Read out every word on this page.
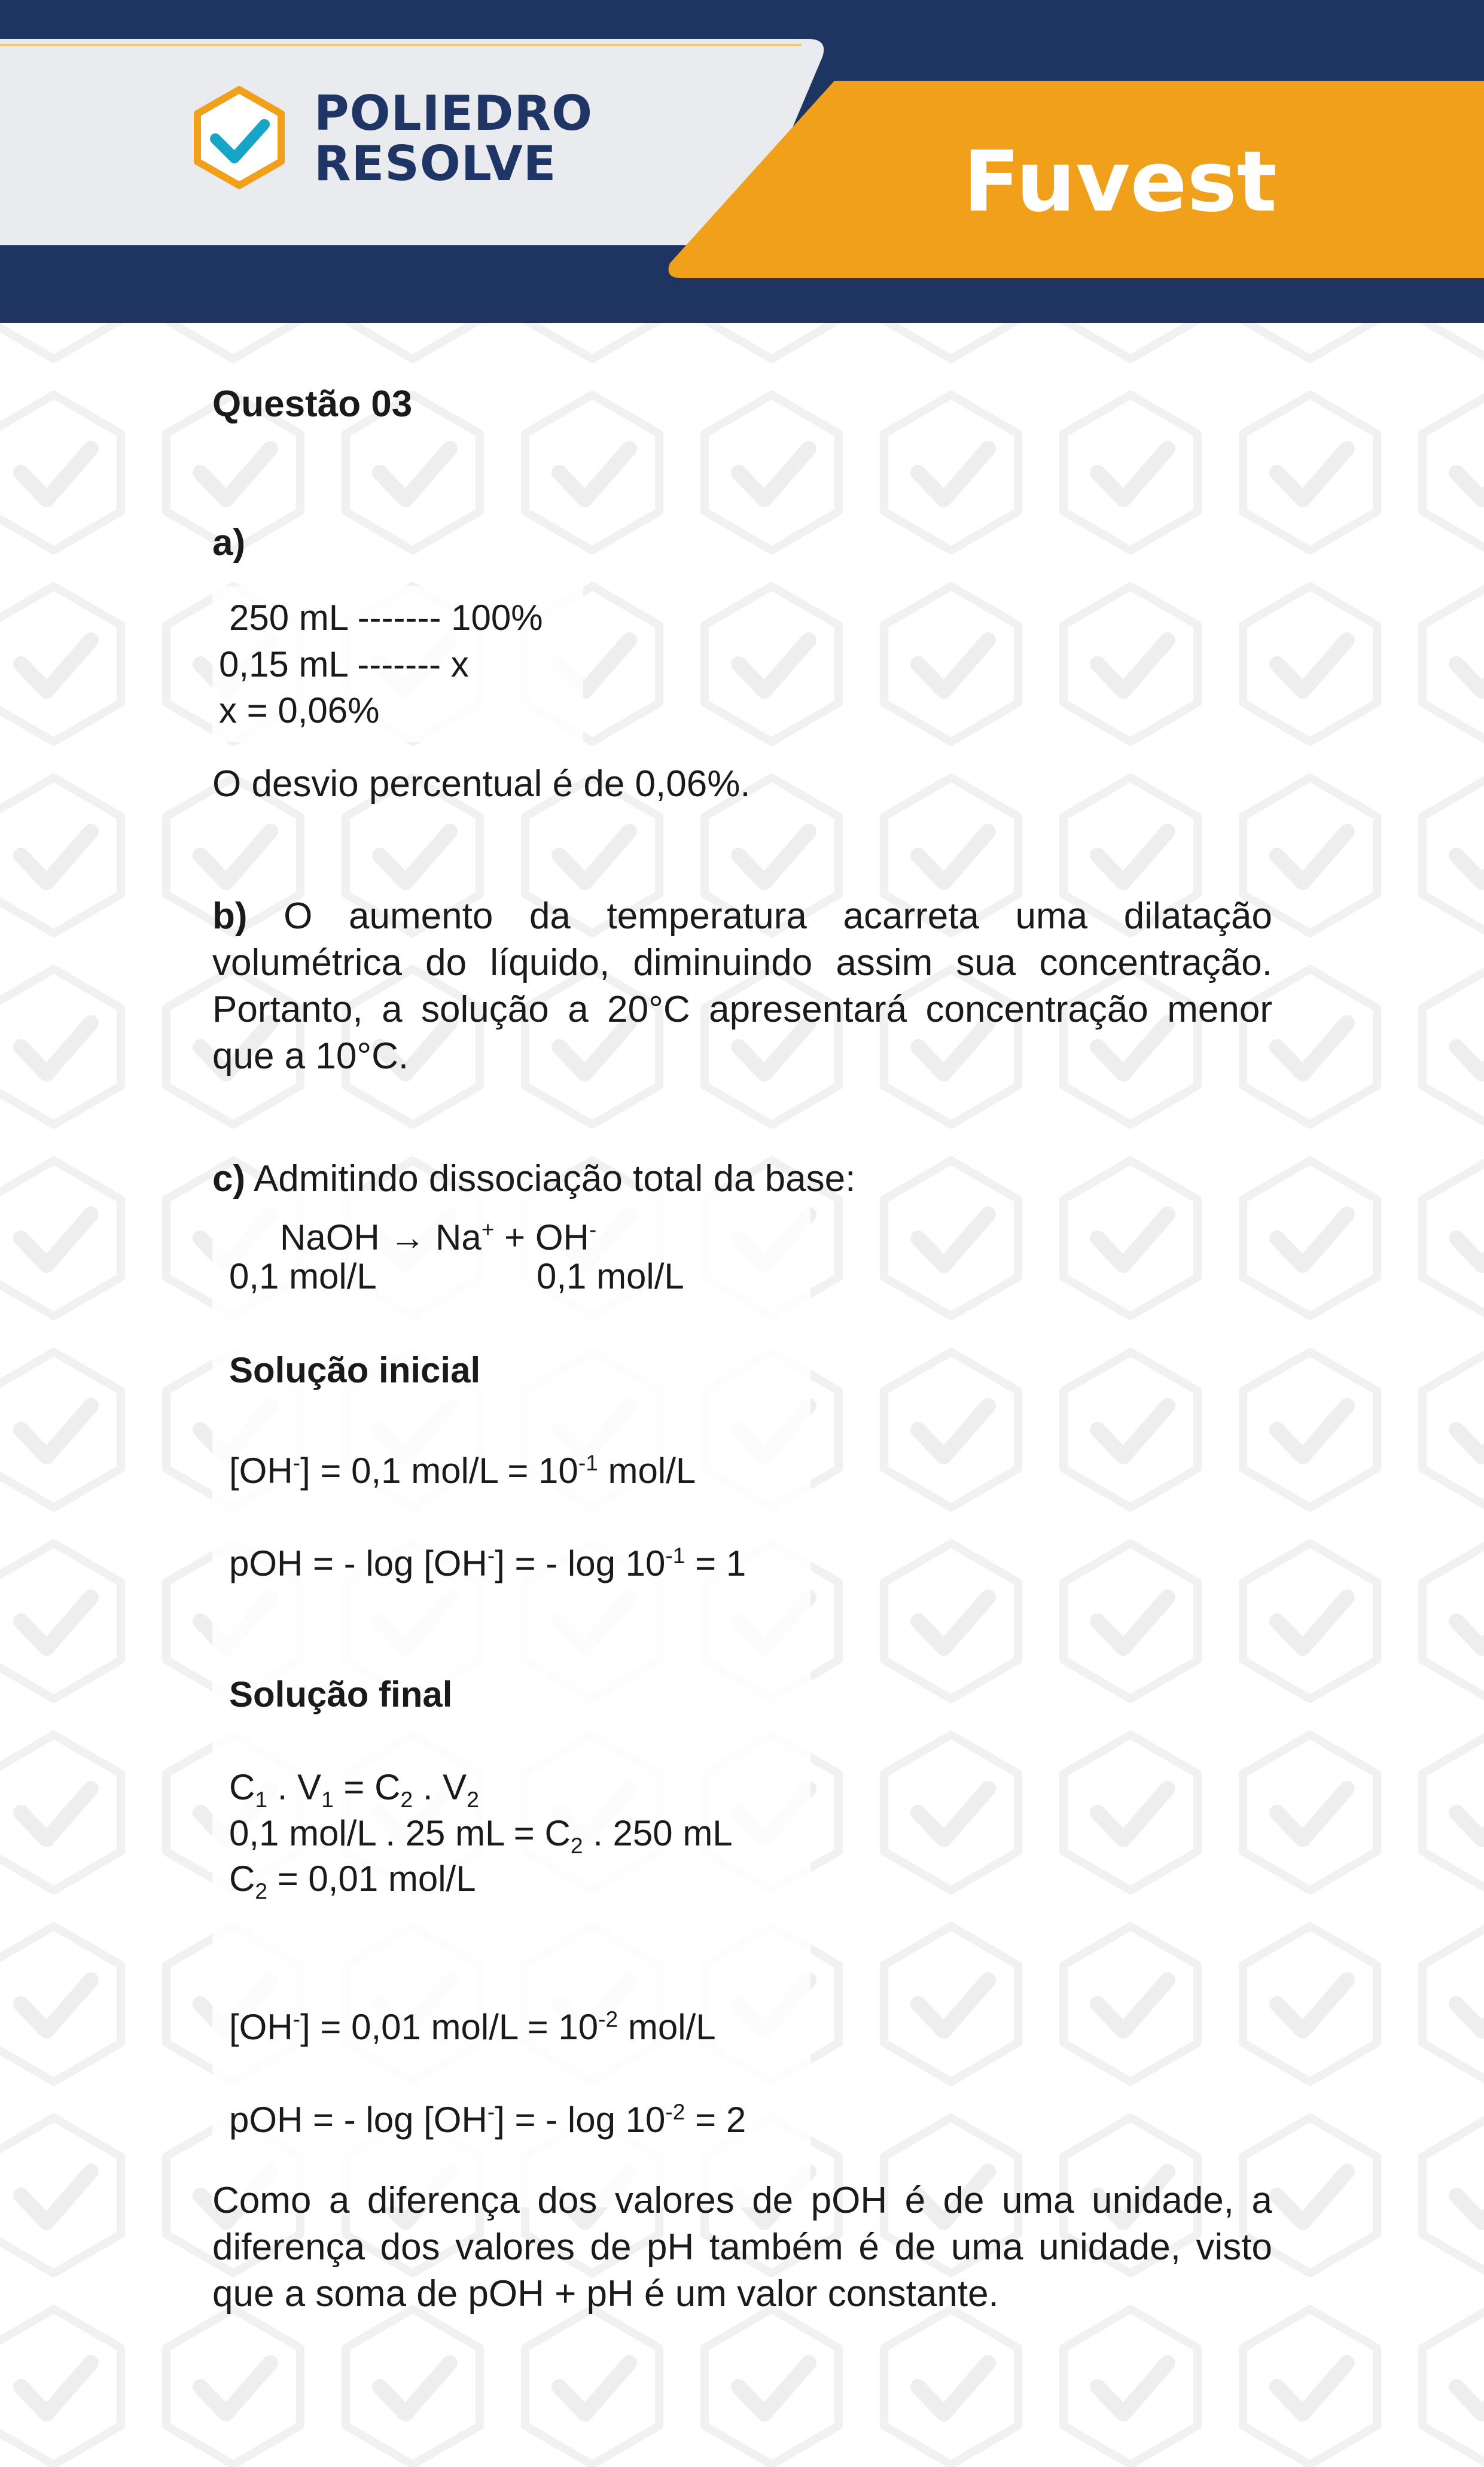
POLIEDRO
RESOLVE	Fuvest
Questão 03
a)
250 mL ------- 100%
0,15 mL ------- x
x = 0,06%

O desvio percentual é de 0,06%.

b) O aumento da temperatura acarreta uma dilatação volumétrica do líquido, diminuindo assim sua concentração. Portanto, a solução a 20°C apresentará concentração menor que a 10°C.

c) Admitindo dissociação total da base:

NaOH → Na+ + OH-
0,1 mol/L	0,1 mol/L
Solução inicial
[OH-] = 0,1 $mol/L = 10^{-1}$ mol/L
pOH = - log [OH-] = - $\log 10^{-1} = 1$
Solução final
$C_1$ . $V_1 = C_2$ . $V_2$
0,1 mol/L . 25 mL = $C_2$ . 250 mL
$C_2 = 0,01$ mol/L
[OH-] = 0,01 $mol/L = 10^{-2}$ mol/L
pOH = - log [OH-] = - $\log 10^{-2} = 2$

Como a diferença dos valores de pOH é de uma unidade, a diferença dos valores de pH também é de uma unidade, visto que a soma de pOH + pH é um valor constante.
